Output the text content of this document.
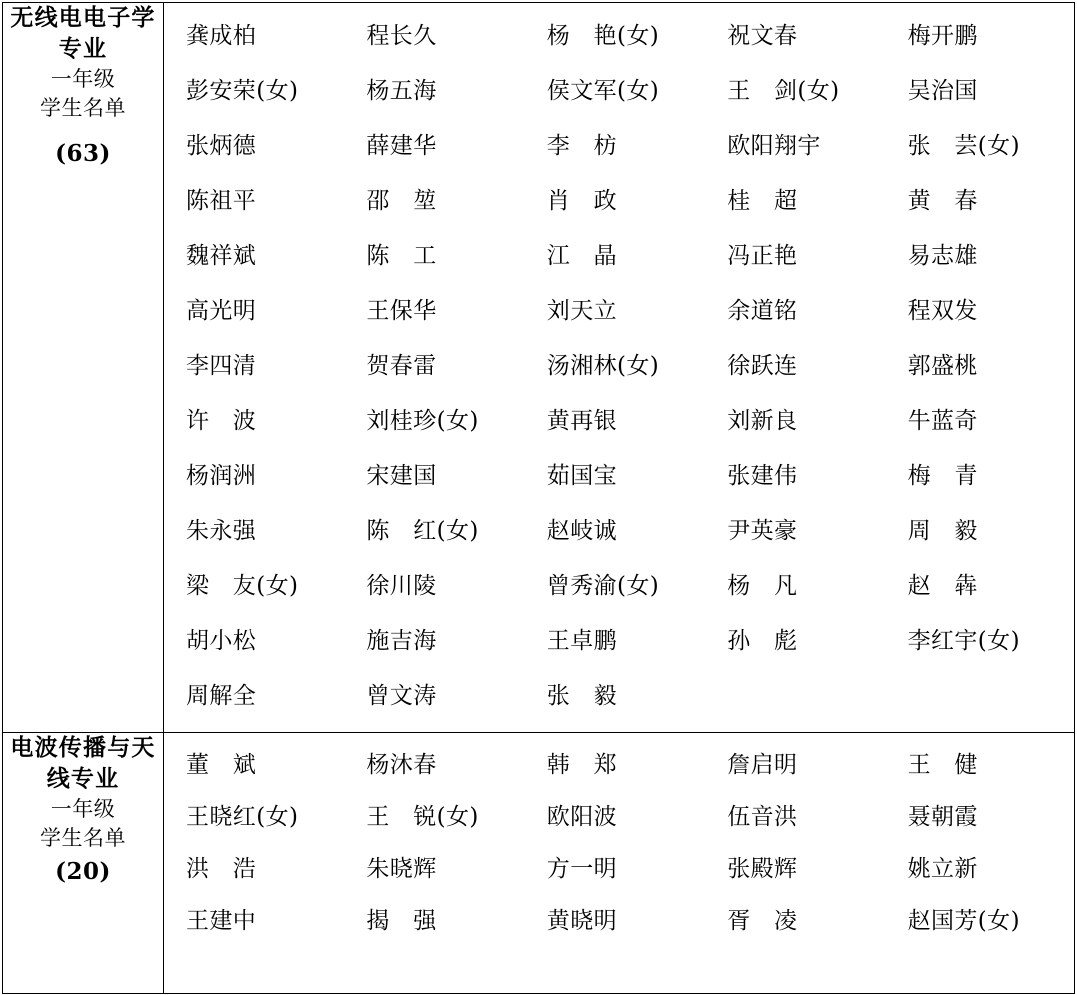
无线电电子学专业
一年级
学生名单
(63)

龚成柏	程长久	杨　艳(女)	祝文春	梅开鹏
彭安荣(女)	杨五海	侯文军(女)	王　剑(女)	吴治国
张炳德	薛建华	李　枋	欧阳翔宇	张　芸(女)
陈祖平	邵　堃	肖　政	桂　超	黄　春
魏祥斌	陈　工	江　晶	冯正艳	易志雄
高光明	王保华	刘天立	余道铭	程双发
李四清	贺春雷	汤湘林(女)	徐跃连	郭盛桃
许　波	刘桂珍(女)	黄再银	刘新良	牛蓝奇
杨润洲	宋建国	茹国宝	张建伟	梅　青
朱永强	陈　红(女)	赵岐诚	尹英豪	周　毅
梁　友(女)	徐川陵	曾秀渝(女)	杨　凡	赵　犇
胡小松	施吉海	王卓鹏	孙　彪	李红宇(女)
周解全	曾文涛	张　毅

电波传播与天线专业
一年级
学生名单
(20)

董　斌	杨沐春	韩　郑	詹启明	王　健
王晓红(女)	王　锐(女)	欧阳波	伍音洪	聂朝霞
洪　浩	朱晓辉	方一明	张殿辉	姚立新
王建中	揭　强	黄晓明	胥　凌	赵国芳(女)
